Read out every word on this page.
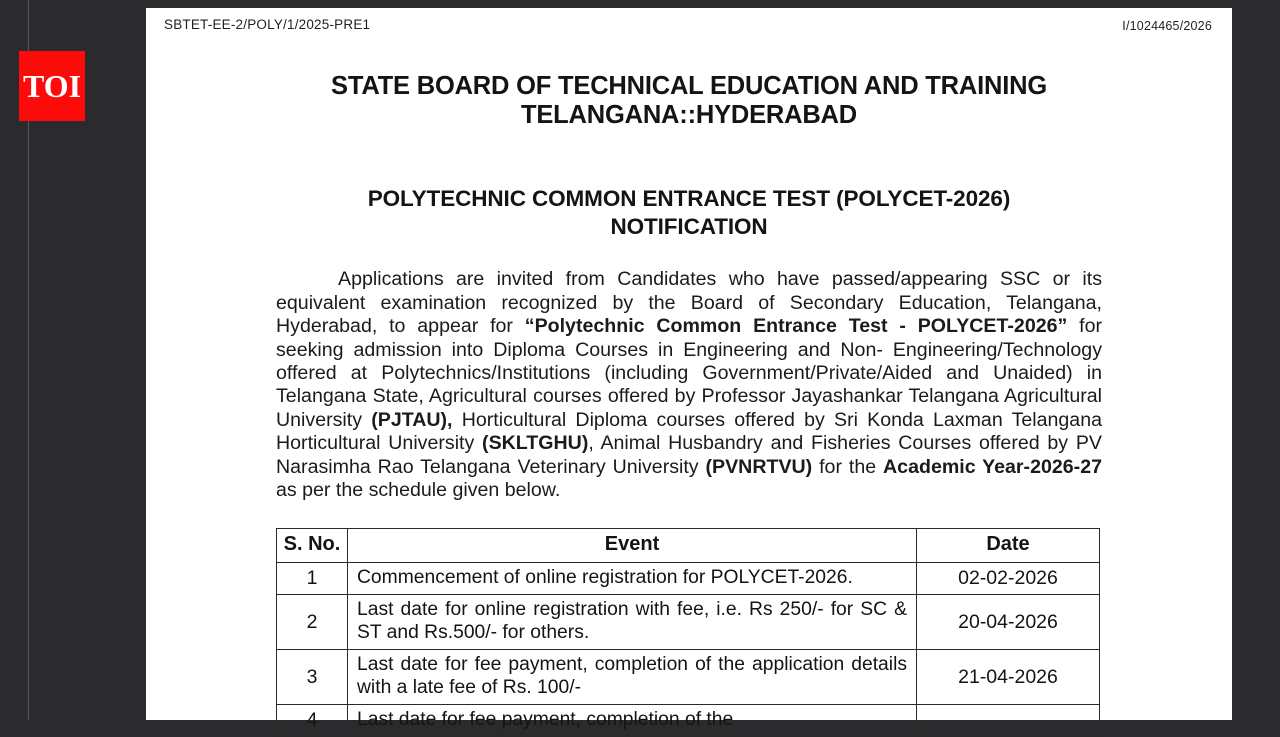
TOI
SBTET-EE-2/POLY/1/2025-PRE1	I/1024465/2026
STATE BOARD OF TECHNICAL EDUCATION AND TRAINING
TELANGANA::HYDERABAD
POLYTECHNIC COMMON ENTRANCE TEST (POLYCET-2026)
NOTIFICATION

Applications are invited from Candidates who have passed/appearing SSC or its equivalent examination recognized by the Board of Secondary Education, Telangana, Hyderabad, to appear for “Polytechnic Common Entrance Test - POLYCET-2026” for seeking admission into Diploma Courses in Engineering and Non- Engineering/Technology offered at Polytechnics/Institutions (including Government/Private/Aided and Unaided) in Telangana State, Agricultural courses offered by Professor Jayashankar Telangana Agricultural University (PJTAU), Horticultural Diploma courses offered by Sri Konda Laxman Telangana Horticultural University (SKLTGHU), Animal Husbandry and Fisheries Courses offered by PV Narasimha Rao Telangana Veterinary University (PVNRTVU) for the Academic Year-2026-27 as per the schedule given below.

S. No.	Event	Date
1	Commencement of online registration for POLYCET-2026.	02-02-2026
2	Last date for online registration with fee, i.e. Rs 250/- for SC & ST and Rs.500/- for others.	20-04-2026
3	Last date for fee payment, completion of the application details with a late fee of Rs. 100/-	21-04-2026
4	Last date for fee payment, completion of the	
